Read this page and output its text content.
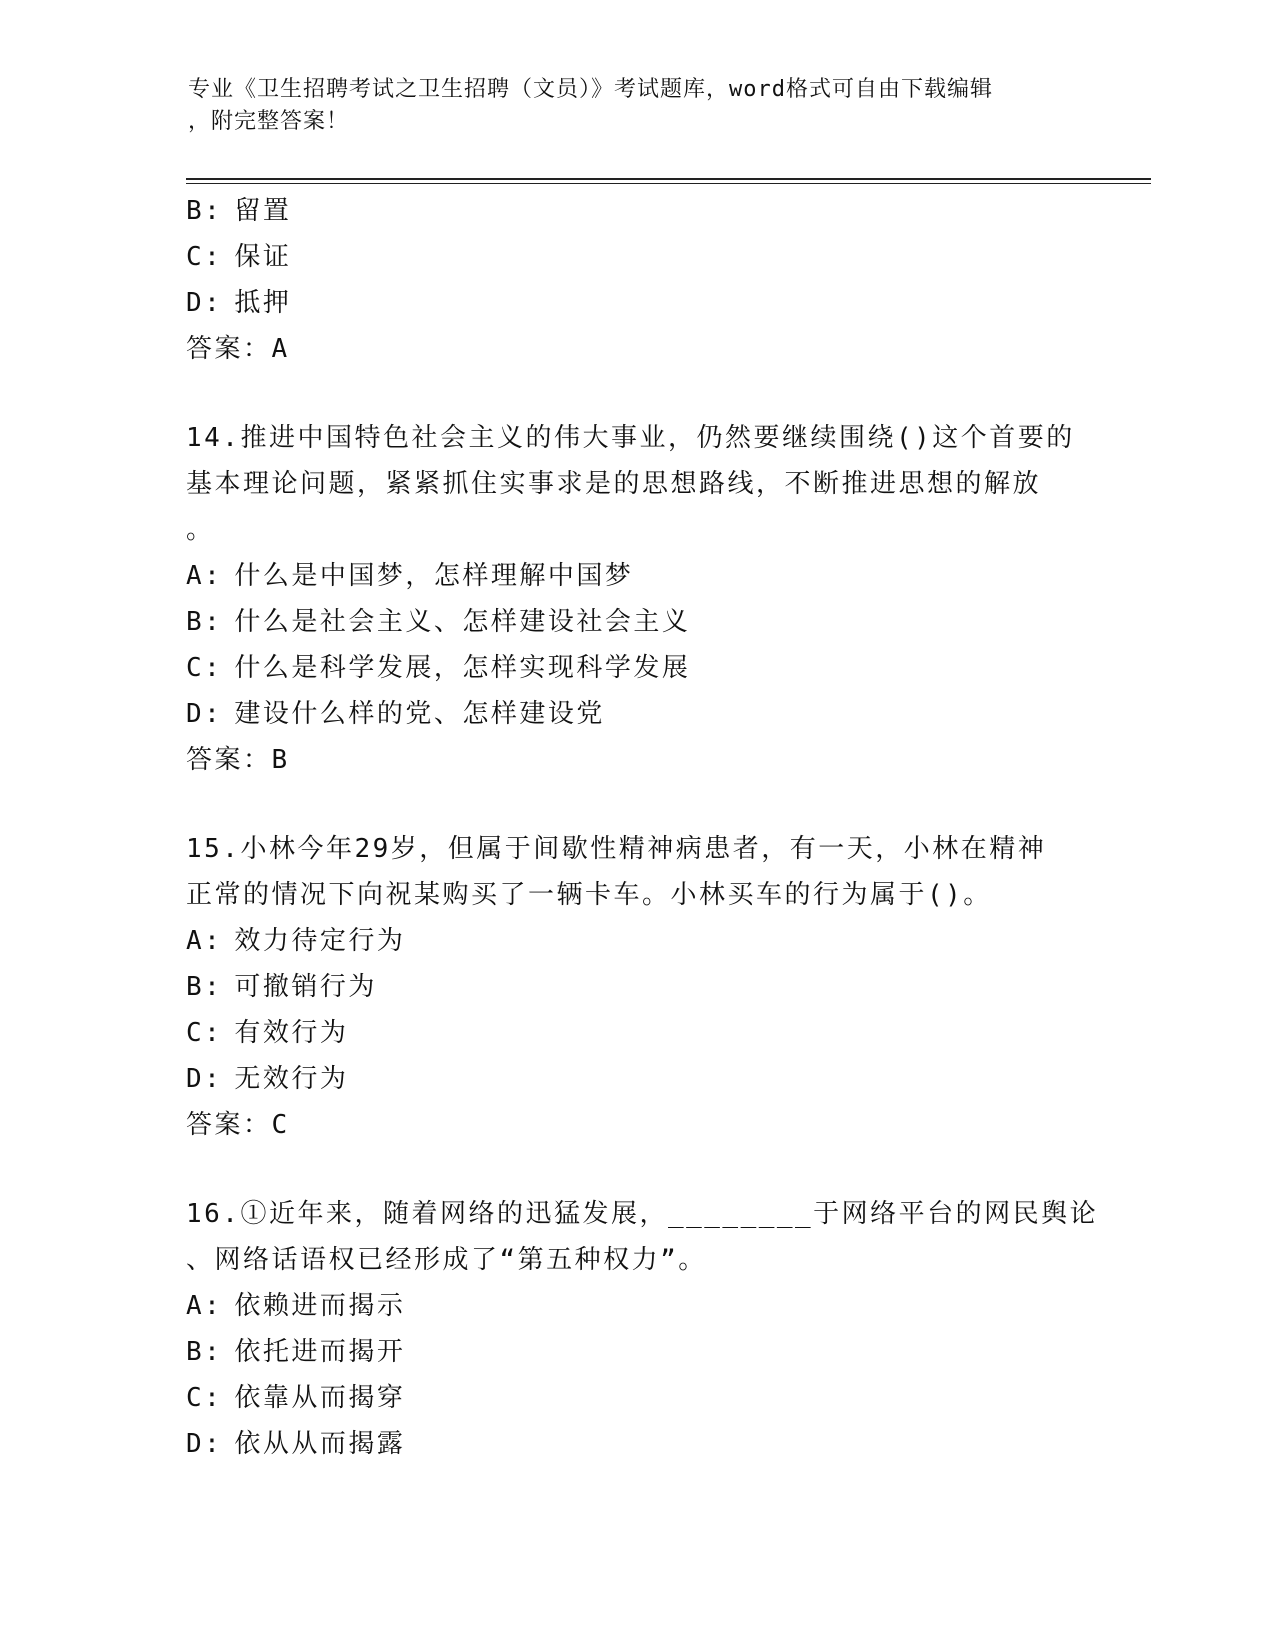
专业《卫生招聘考试之卫生招聘（文员）》考试题库，word格式可自由下载编辑
，附完整答案！
B: 留置
C: 保证
D: 抵押
答案：A
14.推进中国特色社会主义的伟大事业，仍然要继续围绕()这个首要的
基本理论问题，紧紧抓住实事求是的思想路线，不断推进思想的解放
。
A: 什么是中国梦，怎样理解中国梦
B: 什么是社会主义、怎样建设社会主义
C: 什么是科学发展，怎样实现科学发展
D: 建设什么样的党、怎样建设党
答案：B
15.小林今年29岁，但属于间歇性精神病患者，有一天，小林在精神
正常的情况下向祝某购买了一辆卡车。小林买车的行为属于()。
A: 效力待定行为
B: 可撤销行为
C: 有效行为
D: 无效行为
答案：C
16.①近年来，随着网络的迅猛发展，________于网络平台的网民舆论
、网络话语权已经形成了“第五种权力”。
A: 依赖进而揭示
B: 依托进而揭开
C: 依靠从而揭穿
D: 依从从而揭露
